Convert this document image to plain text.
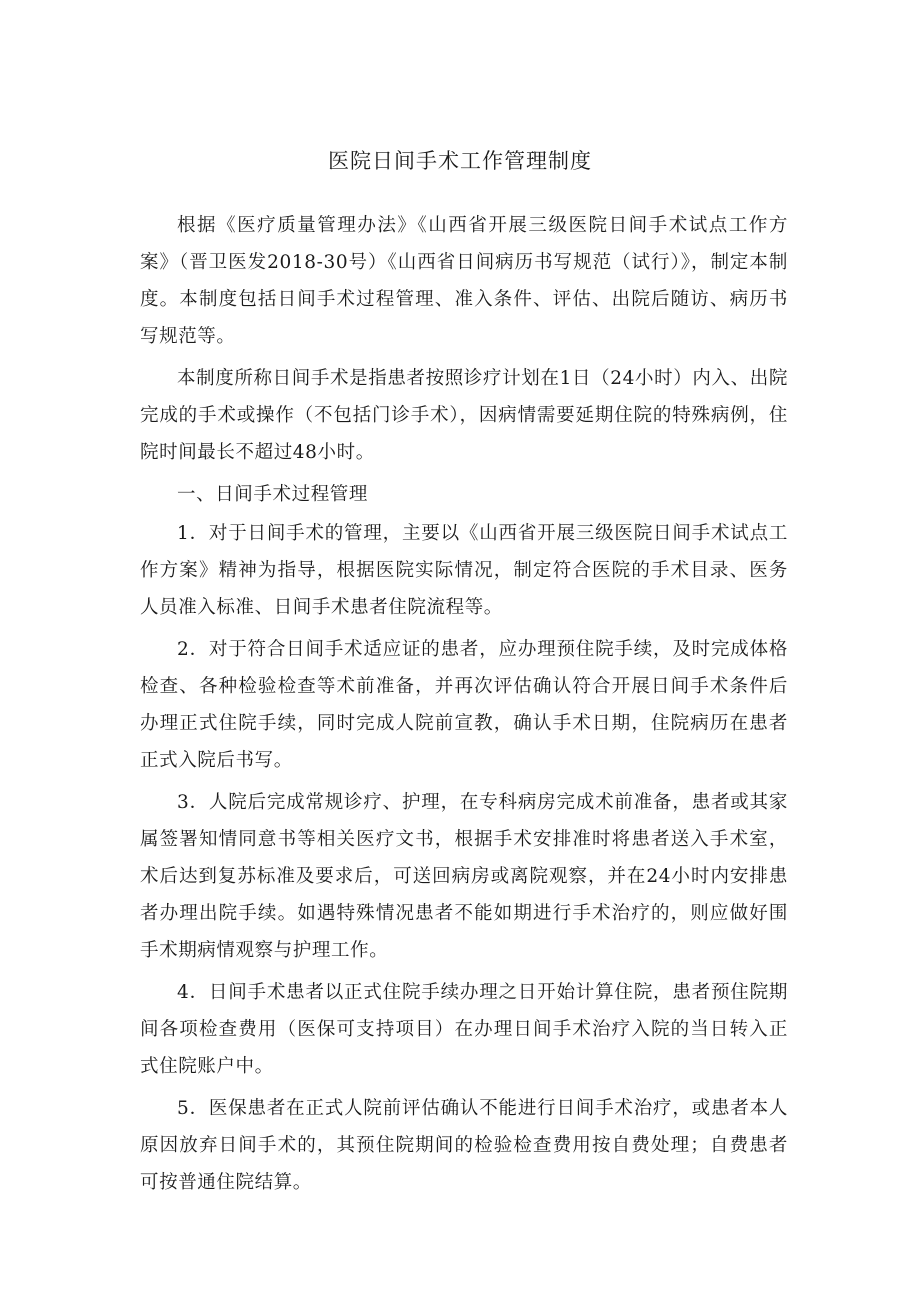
医院日间手术工作管理制度

根据《医疗质量管理办法》《山西省开展三级医院日间手术试点工作方案》（晋卫医发2018-30号）《山西省日间病历书写规范（试行）》，制定本制度。本制度包括日间手术过程管理、准入条件、评估、出院后随访、病历书写规范等。

本制度所称日间手术是指患者按照诊疗计划在1日（24小时）内入、出院完成的手术或操作（不包括门诊手术），因病情需要延期住院的特殊病例，住院时间最长不超过48小时。

一、日间手术过程管理

1．对于日间手术的管理，主要以《山西省开展三级医院日间手术试点工作方案》精神为指导，根据医院实际情况，制定符合医院的手术目录、医务人员准入标准、日间手术患者住院流程等。

2．对于符合日间手术适应证的患者，应办理预住院手续，及时完成体格检查、各种检验检查等术前准备，并再次评估确认符合开展日间手术条件后办理正式住院手续，同时完成人院前宣教，确认手术日期，住院病历在患者正式入院后书写。

3．人院后完成常规诊疗、护理，在专科病房完成术前准备，患者或其家属签署知情同意书等相关医疗文书，根据手术安排准时将患者送入手术室，术后达到复苏标准及要求后，可送回病房或离院观察，并在24小时内安排患者办理出院手续。如遇特殊情况患者不能如期进行手术治疗的，则应做好围手术期病情观察与护理工作。

4．日间手术患者以正式住院手续办理之日开始计算住院，患者预住院期间各项检查费用（医保可支持项目）在办理日间手术治疗入院的当日转入正式住院账户中。

5．医保患者在正式人院前评估确认不能进行日间手术治疗，或患者本人原因放弃日间手术的，其预住院期间的检验检查费用按自费处理；自费患者可按普通住院结算。
